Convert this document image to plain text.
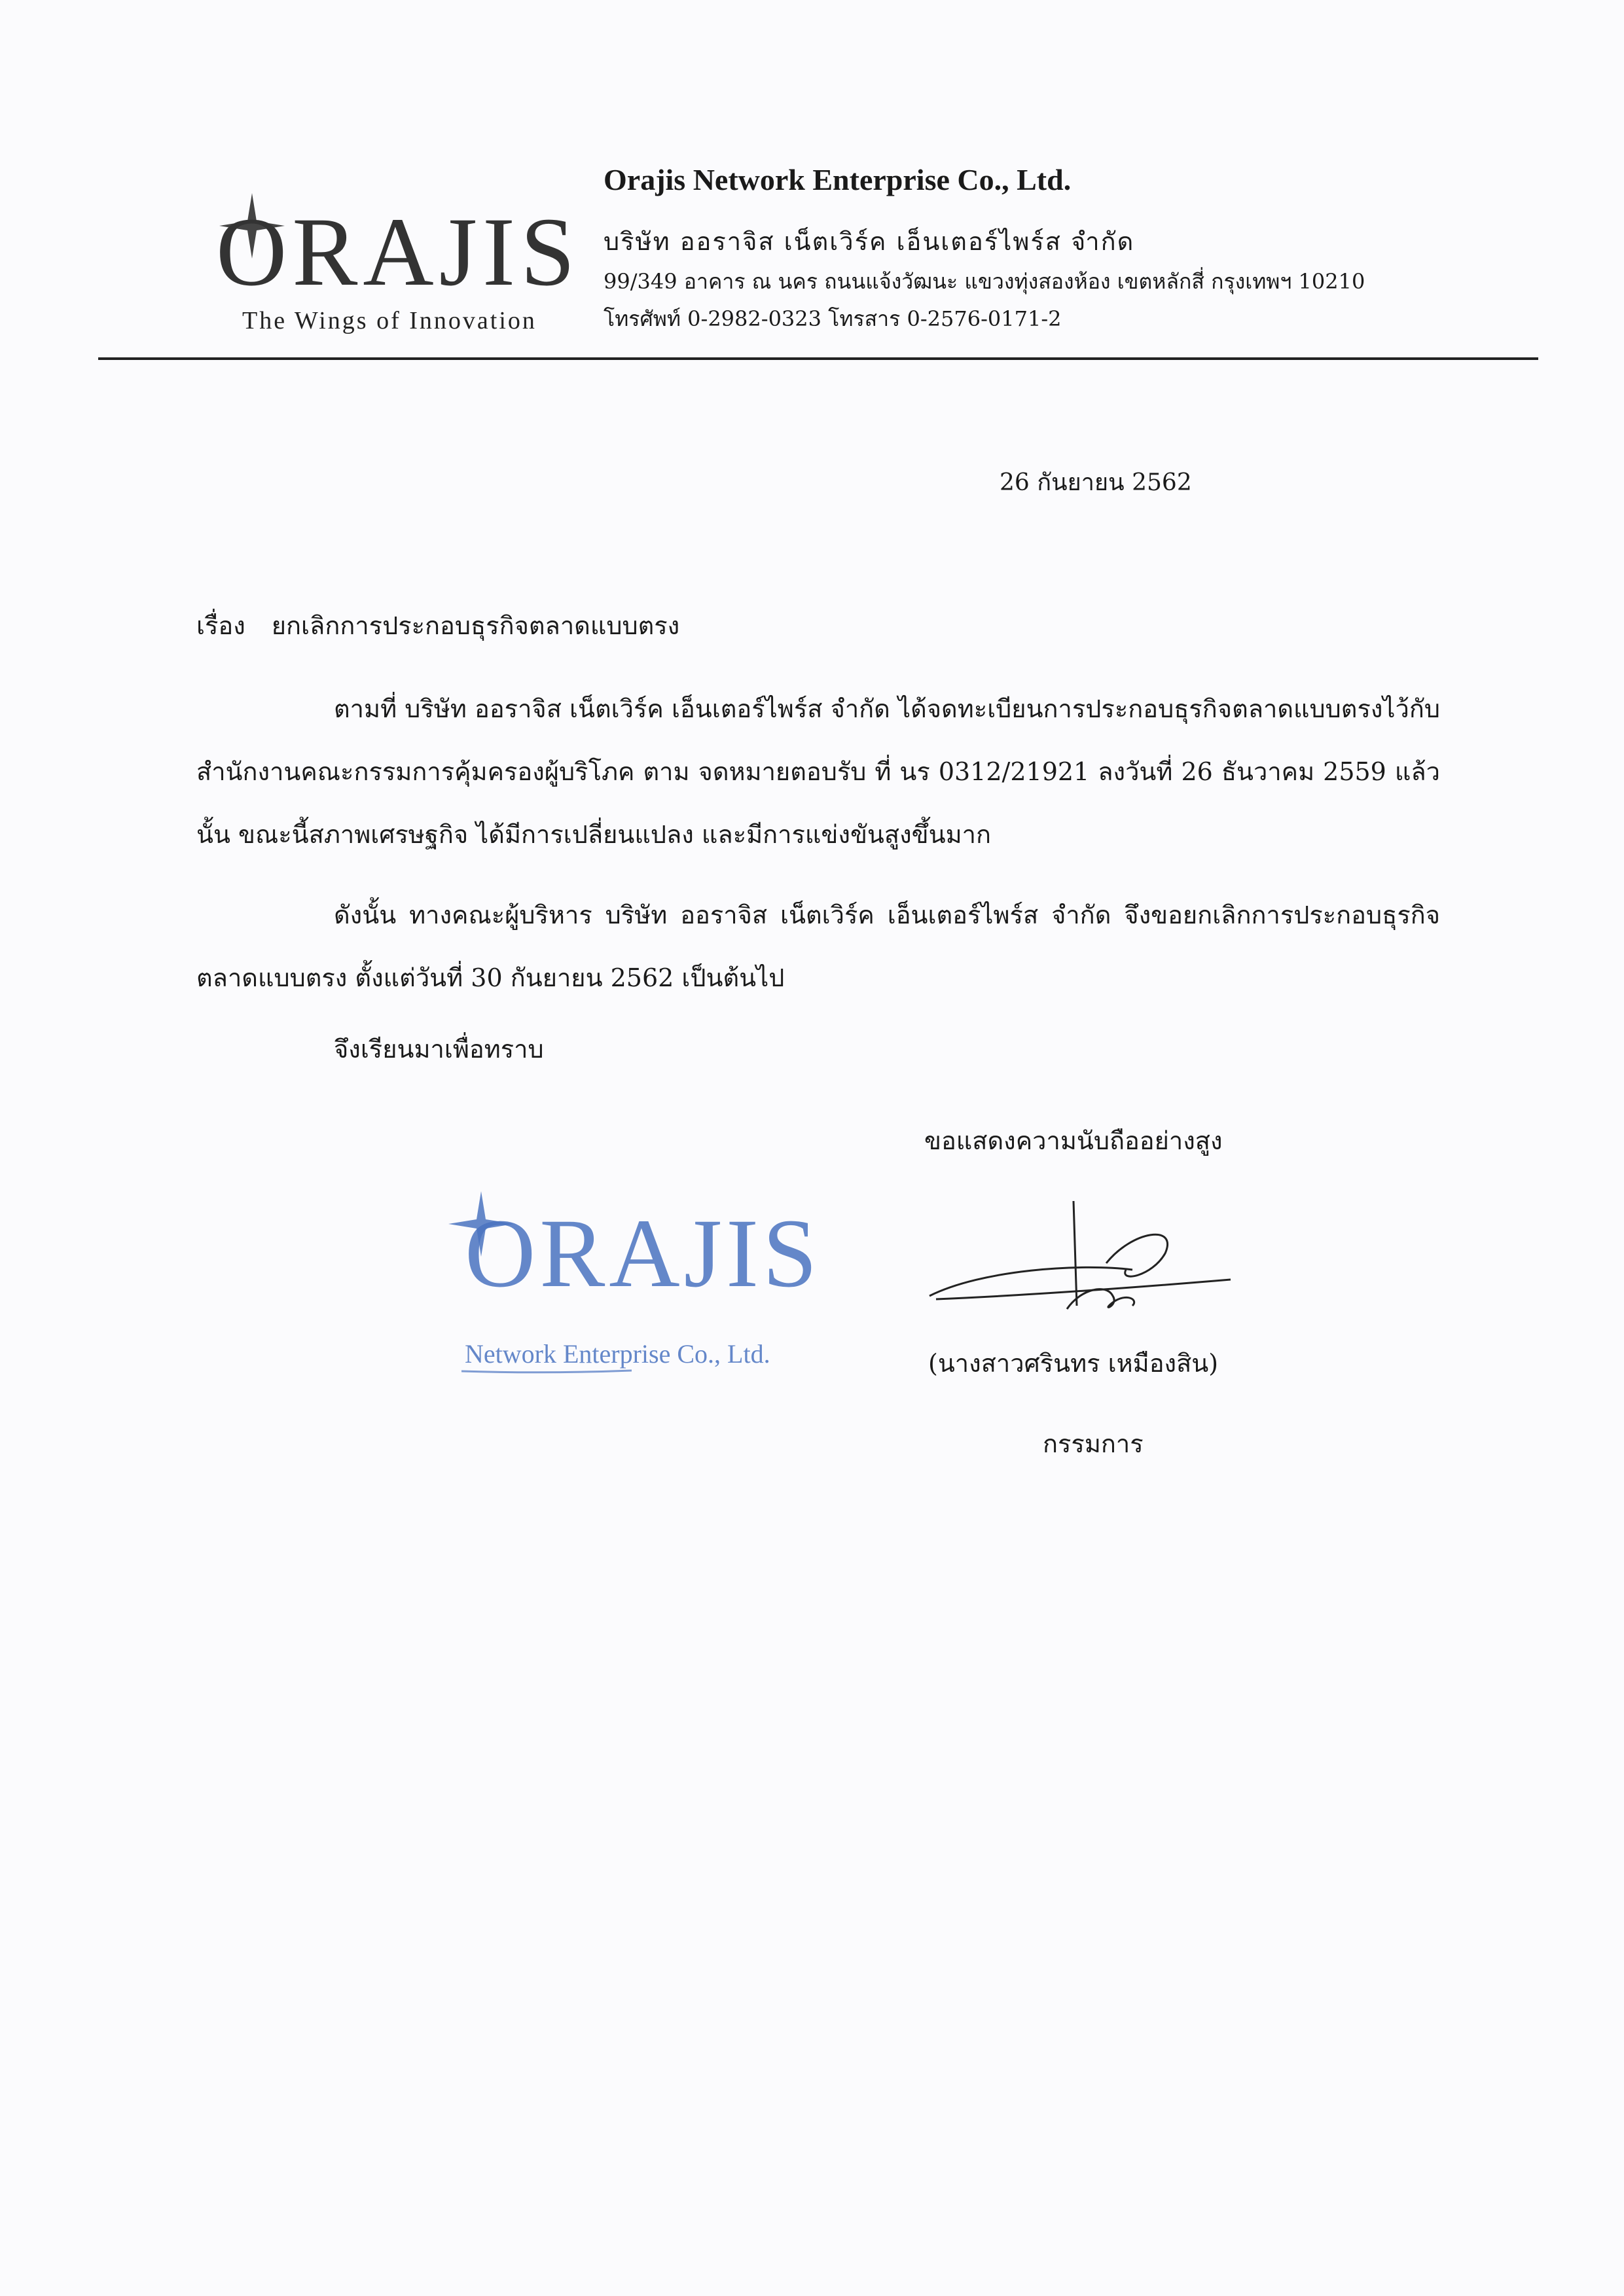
ORAJIS
The Wings of Innovation
Orajis Network Enterprise Co., Ltd.
บริษัท ออราจิส เน็ตเวิร์ค เอ็นเตอร์ไพร์ส จำกัด
99/349 อาคาร ณ นคร ถนนแจ้งวัฒนะ แขวงทุ่งสองห้อง เขตหลักสี่ กรุงเทพฯ 10210
โทรศัพท์ 0-2982-0323 โทรสาร 0-2576-0171-2
26 กันยายน 2562
เรื่อง ยกเลิกการประกอบธุรกิจตลาดแบบตรง
ตามที่ บริษัท ออราจิส เน็ตเวิร์ค เอ็นเตอร์ไพร์ส จำกัด ได้จดทะเบียนการประกอบธุรกิจตลาดแบบตรงไว้กับสำนักงานคณะกรรมการคุ้มครองผู้บริโภค ตาม จดหมายตอบรับ ที่ นร 0312/21921 ลงวันที่ 26 ธันวาคม 2559 แล้วนั้น ขณะนี้สภาพเศรษฐกิจ ได้มีการเปลี่ยนแปลง และมีการแข่งขันสูงขึ้นมาก
ดังนั้น ทางคณะผู้บริหาร บริษัท ออราจิส เน็ตเวิร์ค เอ็นเตอร์ไพร์ส จำกัด จึงขอยกเลิกการประกอบธุรกิจตลาดแบบตรง ตั้งแต่วันที่ 30 กันยายน 2562 เป็นต้นไป
จึงเรียนมาเพื่อทราบ
ขอแสดงความนับถืออย่างสูง
ORAJIS
Network Enterprise Co., Ltd.	(นางสาวศรินทร เหมืองสิน)
กรรมการ
